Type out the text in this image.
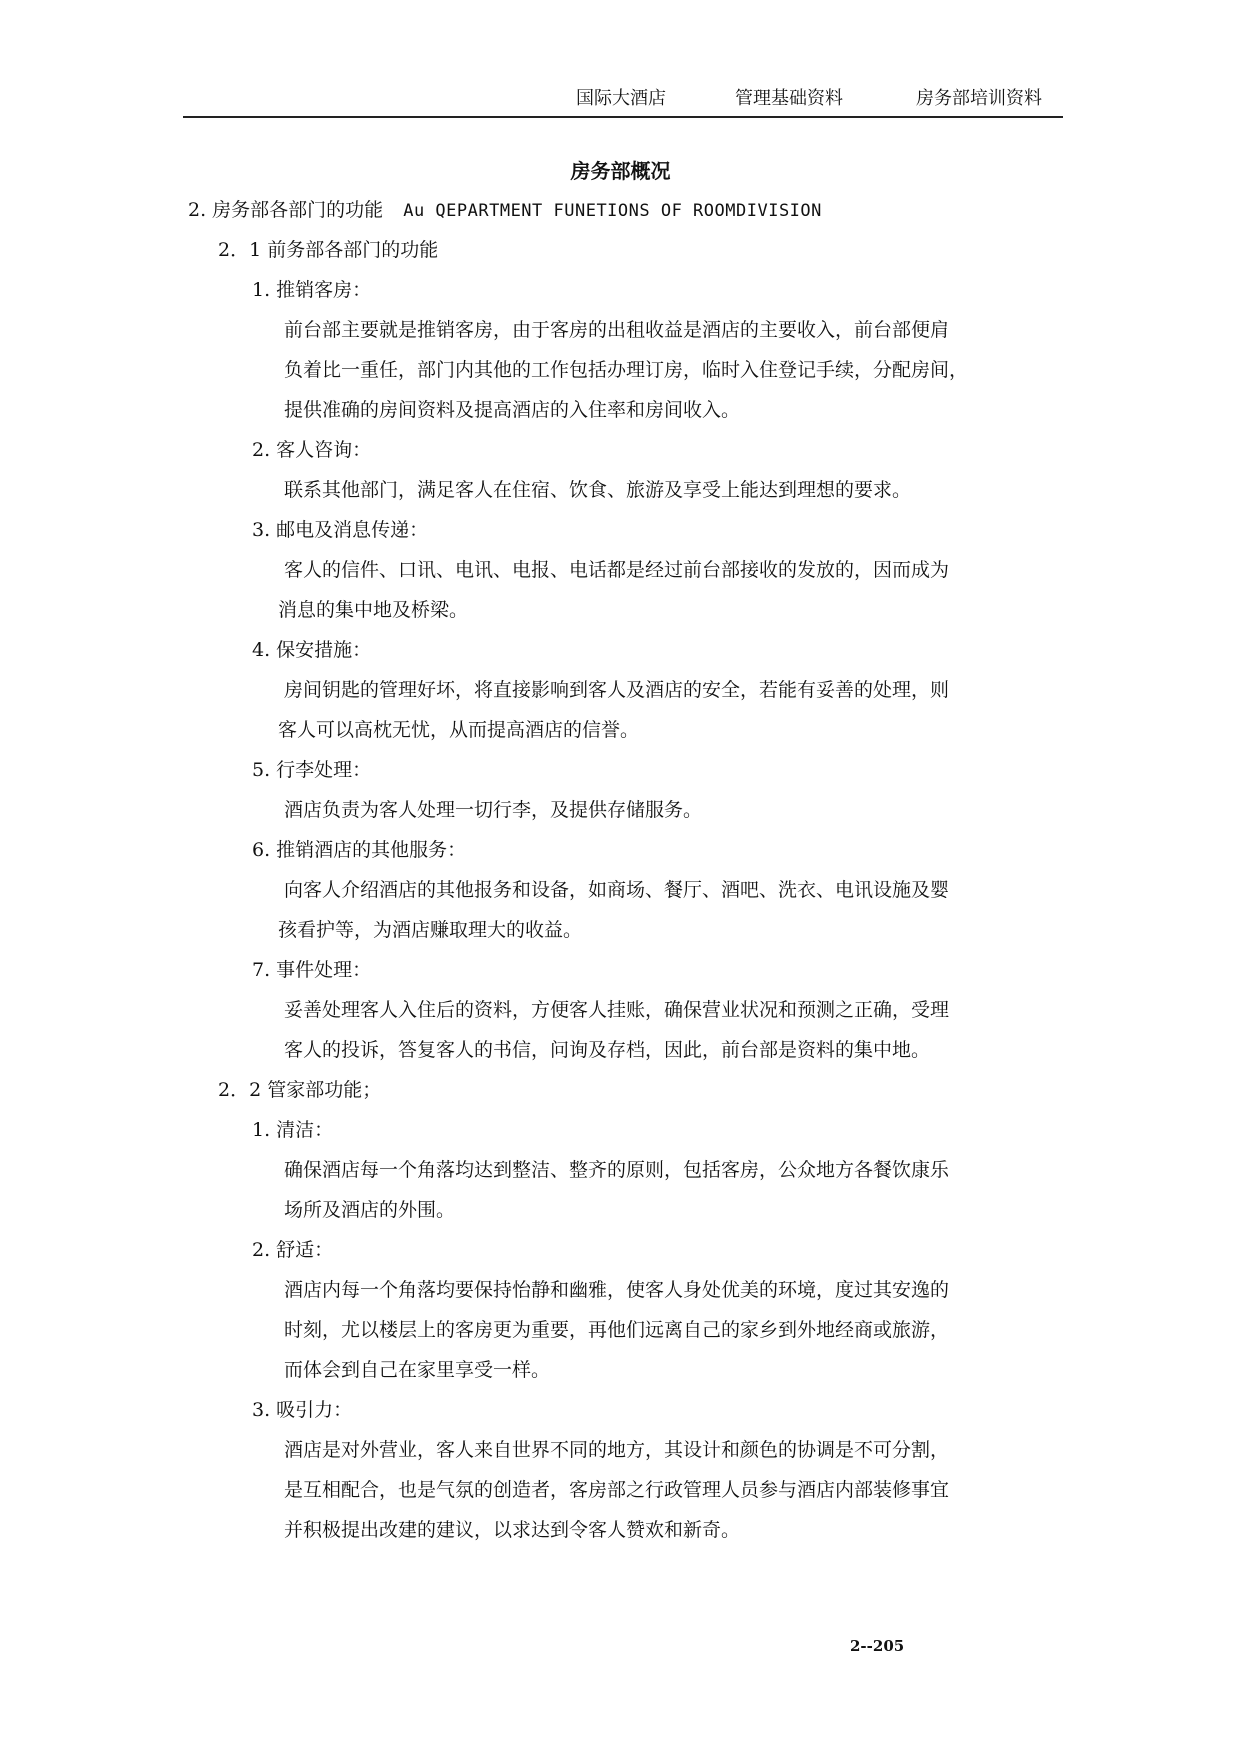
国际大酒店	管理基础资料	房务部培训资料
房务部概况
2. 房务部各部门的功能 Au QEPARTMENT FUNETIONS OF ROOMDIVISION
2．1 前务部各部门的功能
1. 推销客房：
前台部主要就是推销客房，由于客房的出租收益是酒店的主要收入，前台部便肩
负着比一重任，部门内其他的工作包括办理订房，临时入住登记手续，分配房间，
提供准确的房间资料及提高酒店的入住率和房间收入。
2. 客人咨询：
联系其他部门，满足客人在住宿、饮食、旅游及享受上能达到理想的要求。
3. 邮电及消息传递：
客人的信件、口讯、电讯、电报、电话都是经过前台部接收的发放的，因而成为
消息的集中地及桥梁。
4. 保安措施：
房间钥匙的管理好坏，将直接影响到客人及酒店的安全，若能有妥善的处理，则
客人可以高枕无忧，从而提高酒店的信誉。
5. 行李处理：
酒店负责为客人处理一切行李，及提供存储服务。
6. 推销酒店的其他服务：
向客人介绍酒店的其他报务和设备，如商场、餐厅、酒吧、洗衣、电讯设施及婴
孩看护等，为酒店赚取理大的收益。
7. 事件处理：
妥善处理客人入住后的资料，方便客人挂账，确保营业状况和预测之正确，受理
客人的投诉，答复客人的书信，问询及存档，因此，前台部是资料的集中地。
2．2 管家部功能；
1. 清洁：
确保酒店每一个角落均达到整洁、整齐的原则，包括客房，公众地方各餐饮康乐
场所及酒店的外围。
2. 舒适：
酒店内每一个角落均要保持怡静和幽雅，使客人身处优美的环境，度过其安逸的
时刻，尤以楼层上的客房更为重要，再他们远离自己的家乡到外地经商或旅游，
而体会到自己在家里享受一样。
3. 吸引力：
酒店是对外营业，客人来自世界不同的地方，其设计和颜色的协调是不可分割，
是互相配合，也是气氛的创造者，客房部之行政管理人员参与酒店内部装修事宜
并积极提出改建的建议，以求达到令客人赞欢和新奇。
2--205
